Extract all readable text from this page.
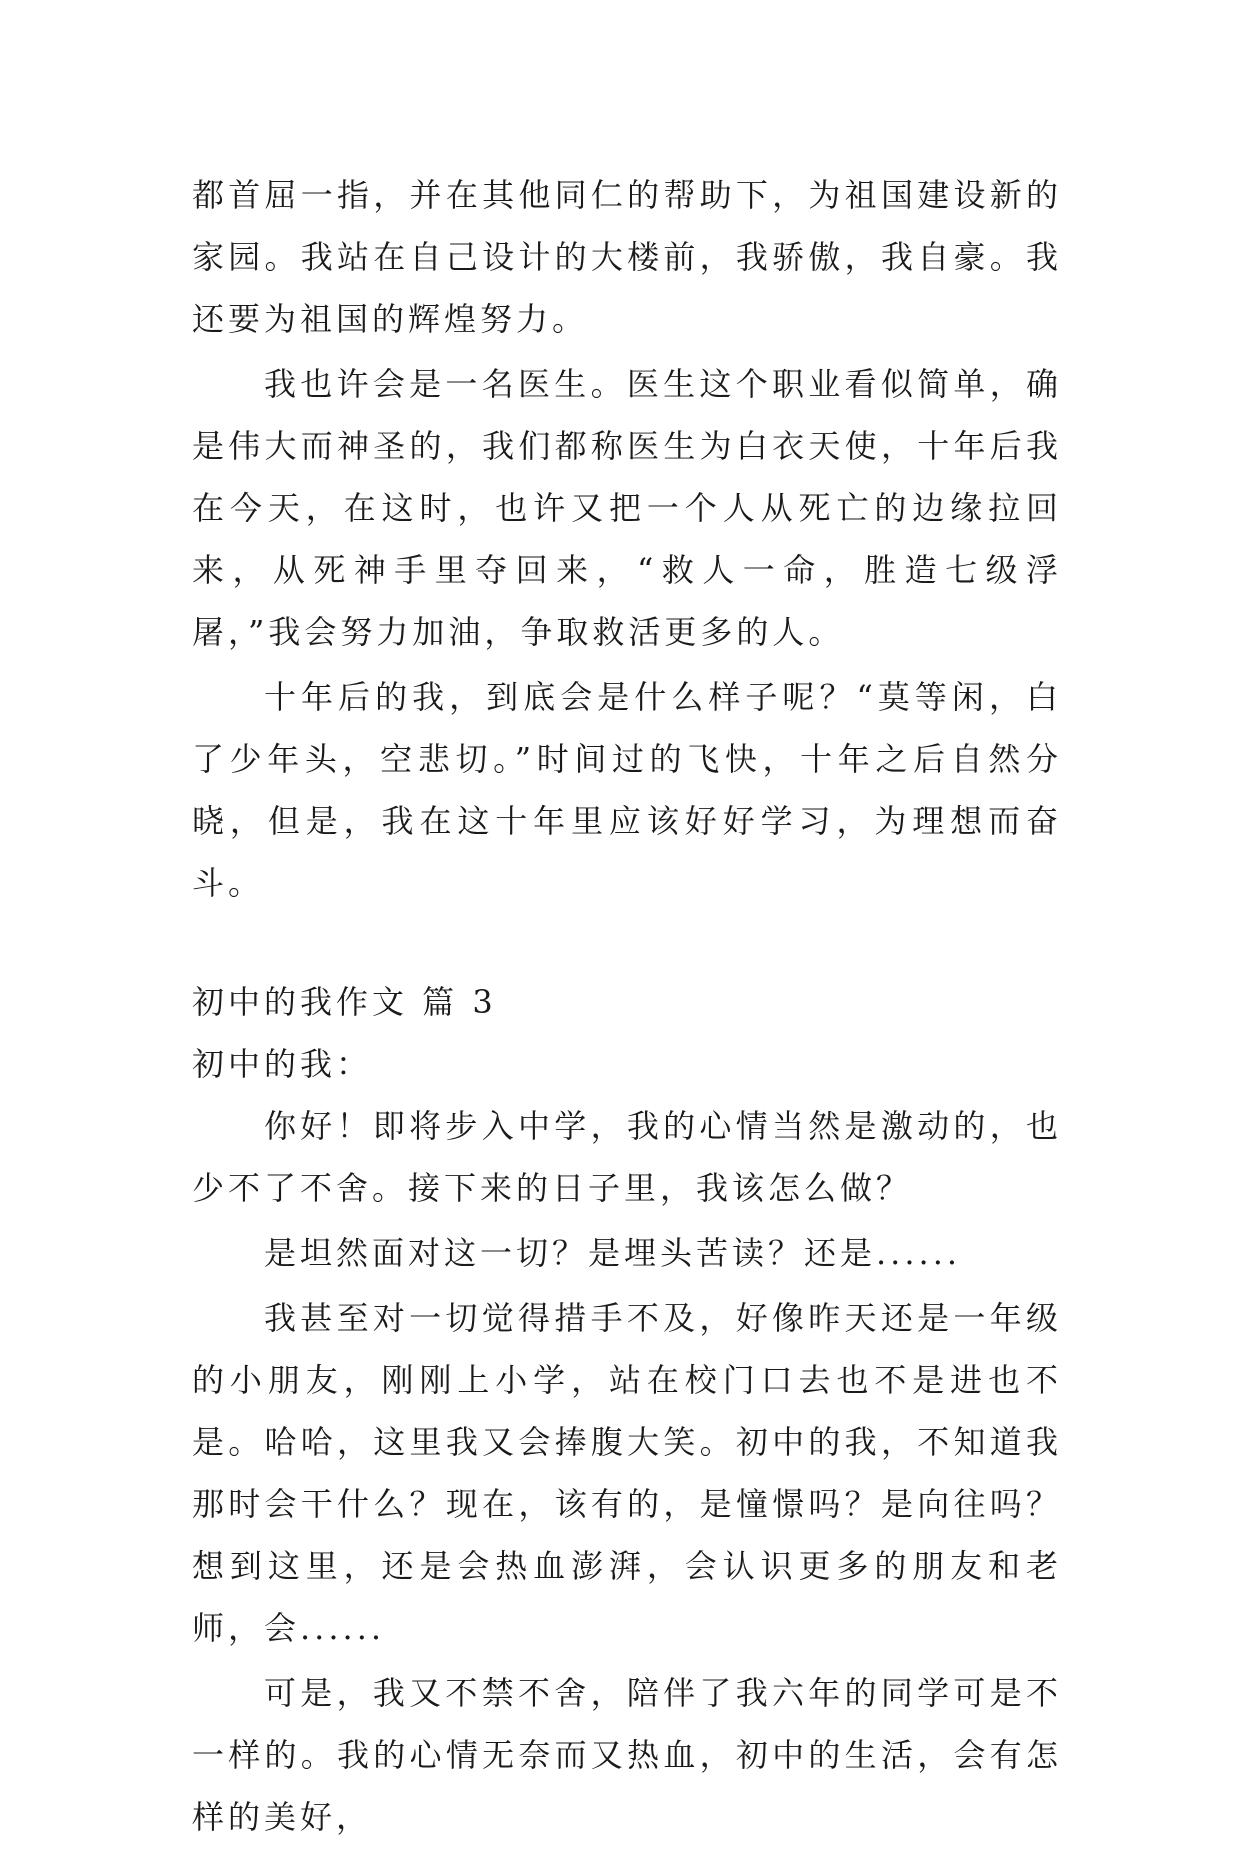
都首屈一指，并在其他同仁的帮助下，为祖国建设新的家园。我站在自己设计的大楼前，我骄傲，我自豪。我还要为祖国的辉煌努力。

我也许会是一名医生。医生这个职业看似简单，确是伟大而神圣的，我们都称医生为白衣天使，十年后我在今天，在这时，也许又把一个人从死亡的边缘拉回来，从死神手里夺回来，“救人一命，胜造七级浮屠，”我会努力加油，争取救活更多的人。

十年后的我，到底会是什么样子呢？“莫等闲，白了少年头，空悲切。”时间过的飞快，十年之后自然分晓，但是，我在这十年里应该好好学习，为理想而奋斗。

初中的我作文 篇 3

初中的我：

你好！即将步入中学，我的心情当然是激动的，也少不了不舍。接下来的日子里，我该怎么做？

是坦然面对这一切？是埋头苦读？还是......

我甚至对一切觉得措手不及，好像昨天还是一年级的小朋友，刚刚上小学，站在校门口去也不是进也不是。哈哈，这里我又会捧腹大笑。初中的我，不知道我那时会干什么？现在，该有的，是憧憬吗？是向往吗？想到这里，还是会热血澎湃，会认识更多的朋友和老师，会......

可是，我又不禁不舍，陪伴了我六年的同学可是不一样的。我的心情无奈而又热血，初中的生活，会有怎样的美好，
